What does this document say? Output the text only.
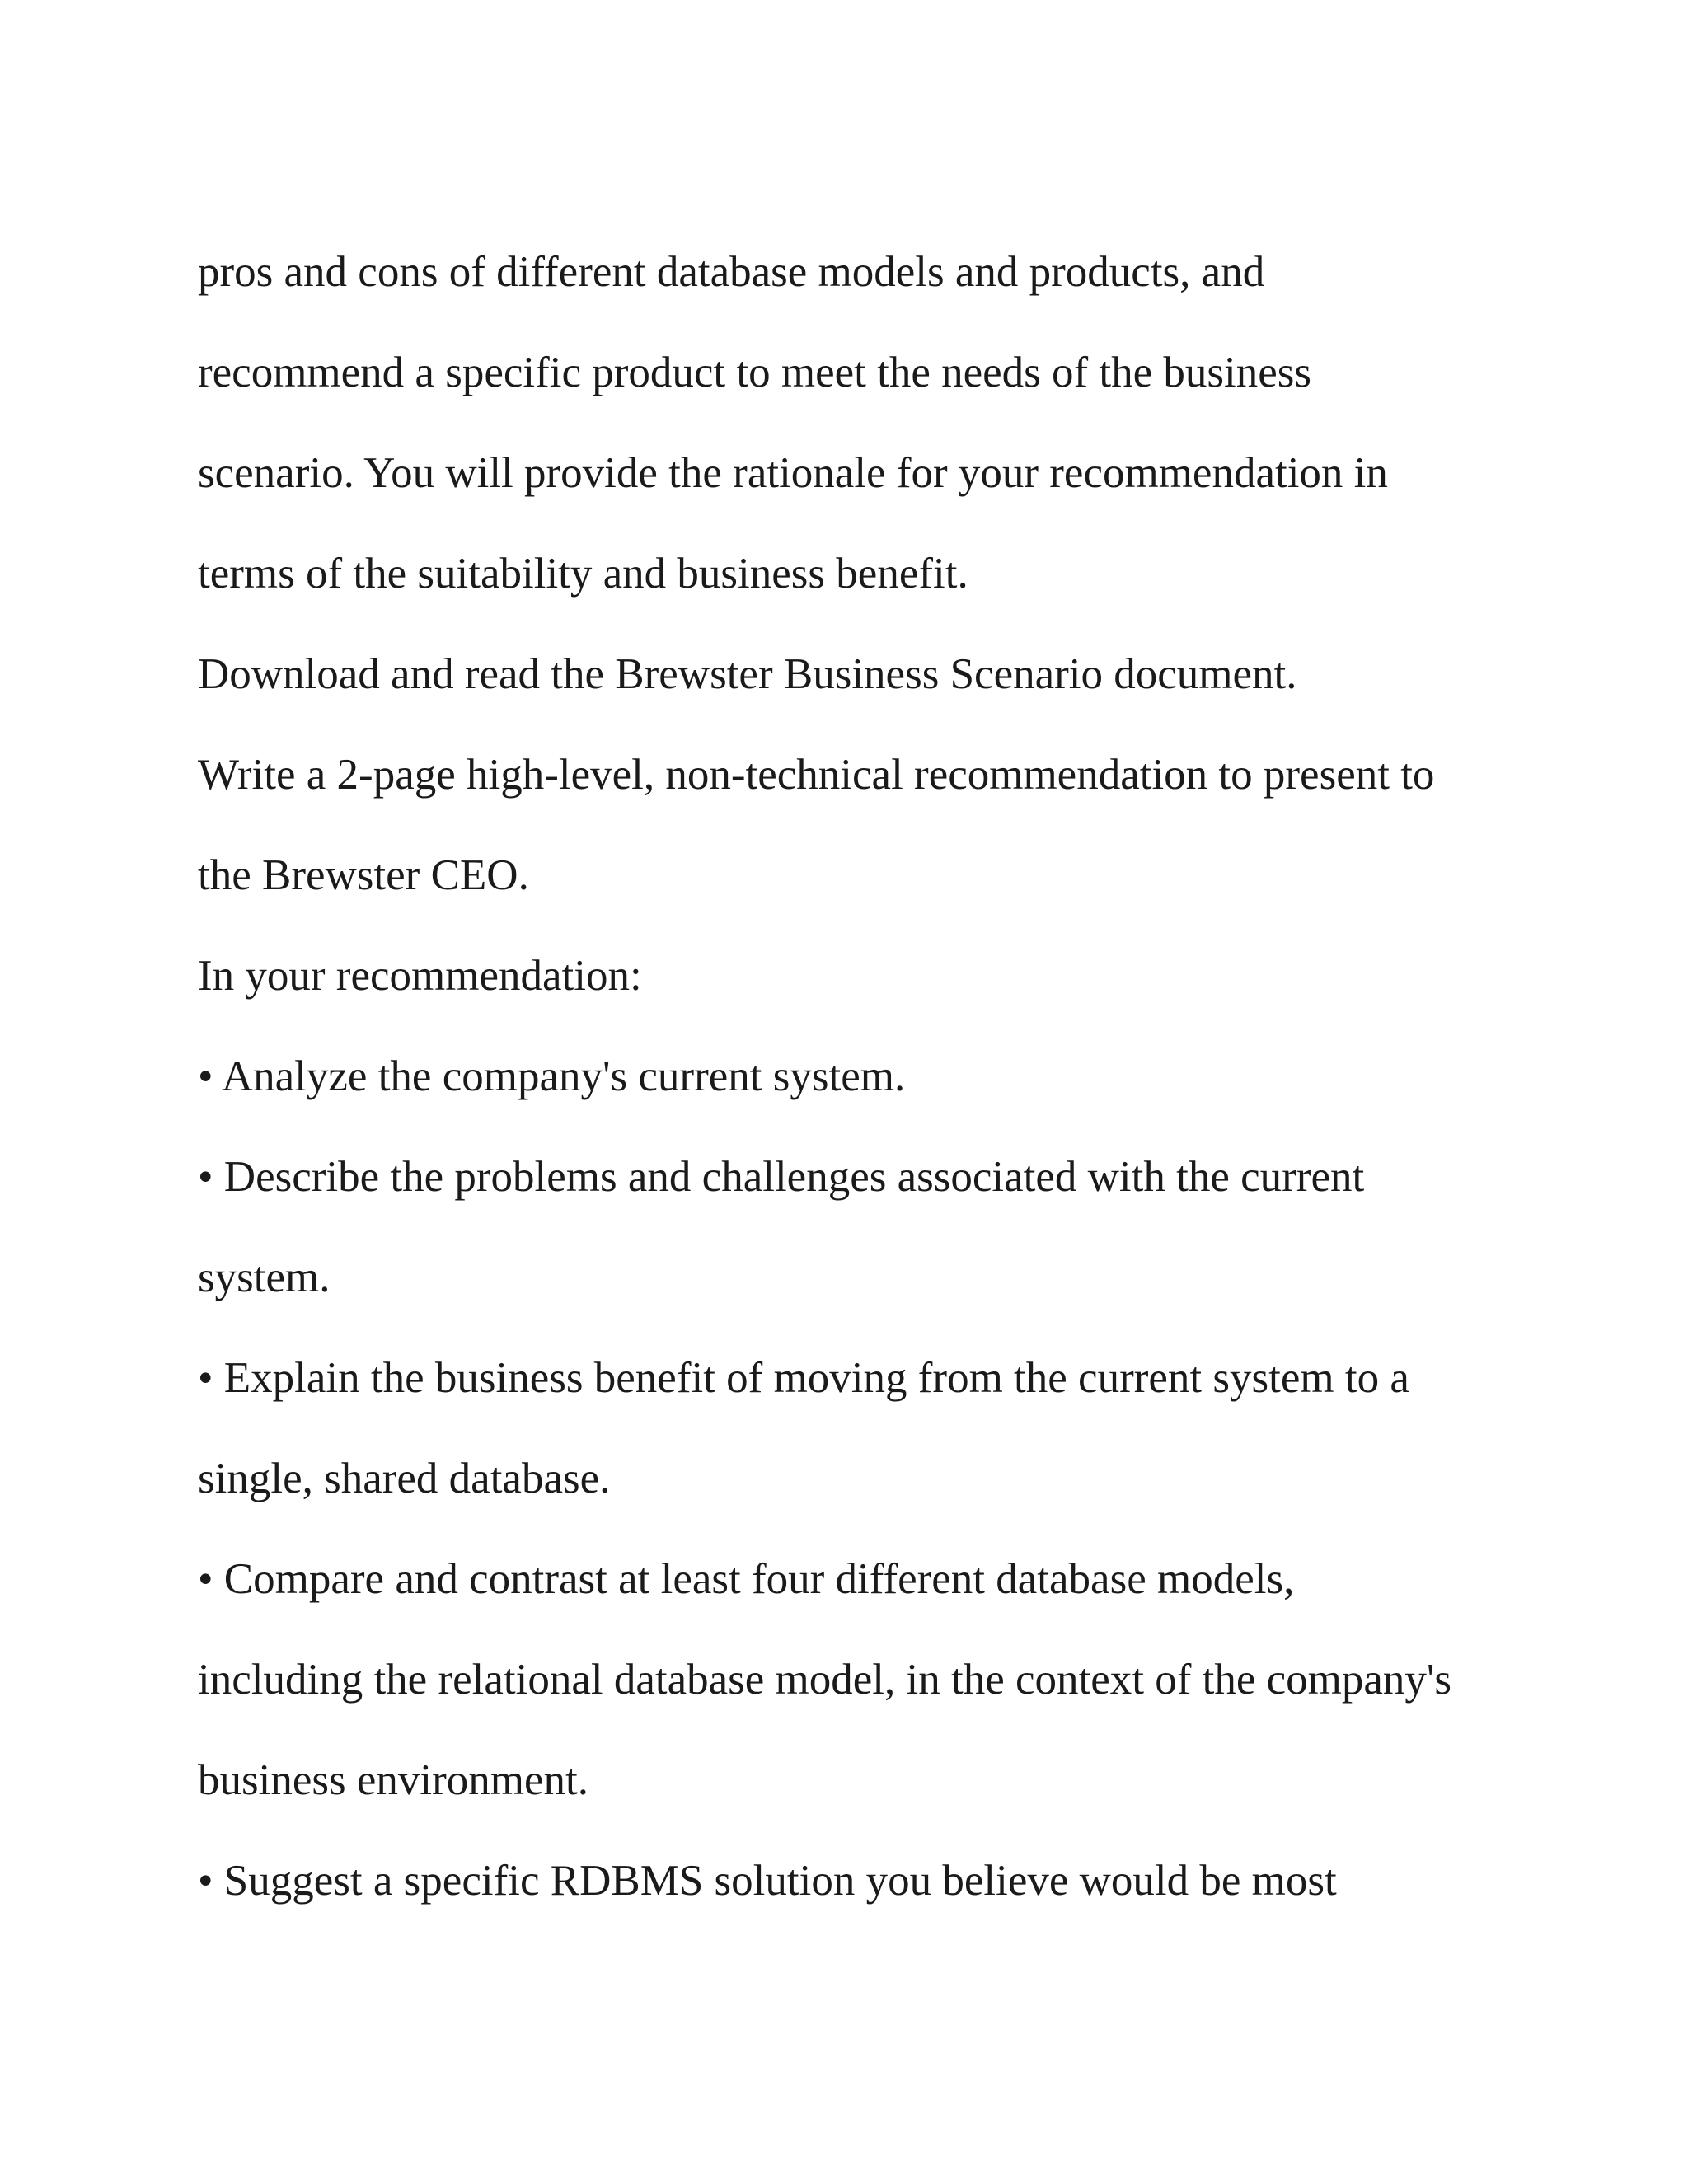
pros and cons of different database models and products, and
recommend a specific product to meet the needs of the business
scenario. You will provide the rationale for your recommendation in
terms of the suitability and business benefit.
Download and read the Brewster Business Scenario document.
Write a 2-page high-level, non-technical recommendation to present to
the Brewster CEO.
In your recommendation:
• Analyze the company's current system.
• Describe the problems and challenges associated with the current
system.
• Explain the business benefit of moving from the current system to a
single, shared database.
• Compare and contrast at least four different database models,
including the relational database model, in the context of the company's
business environment.
• Suggest a specific RDBMS solution you believe would be most
